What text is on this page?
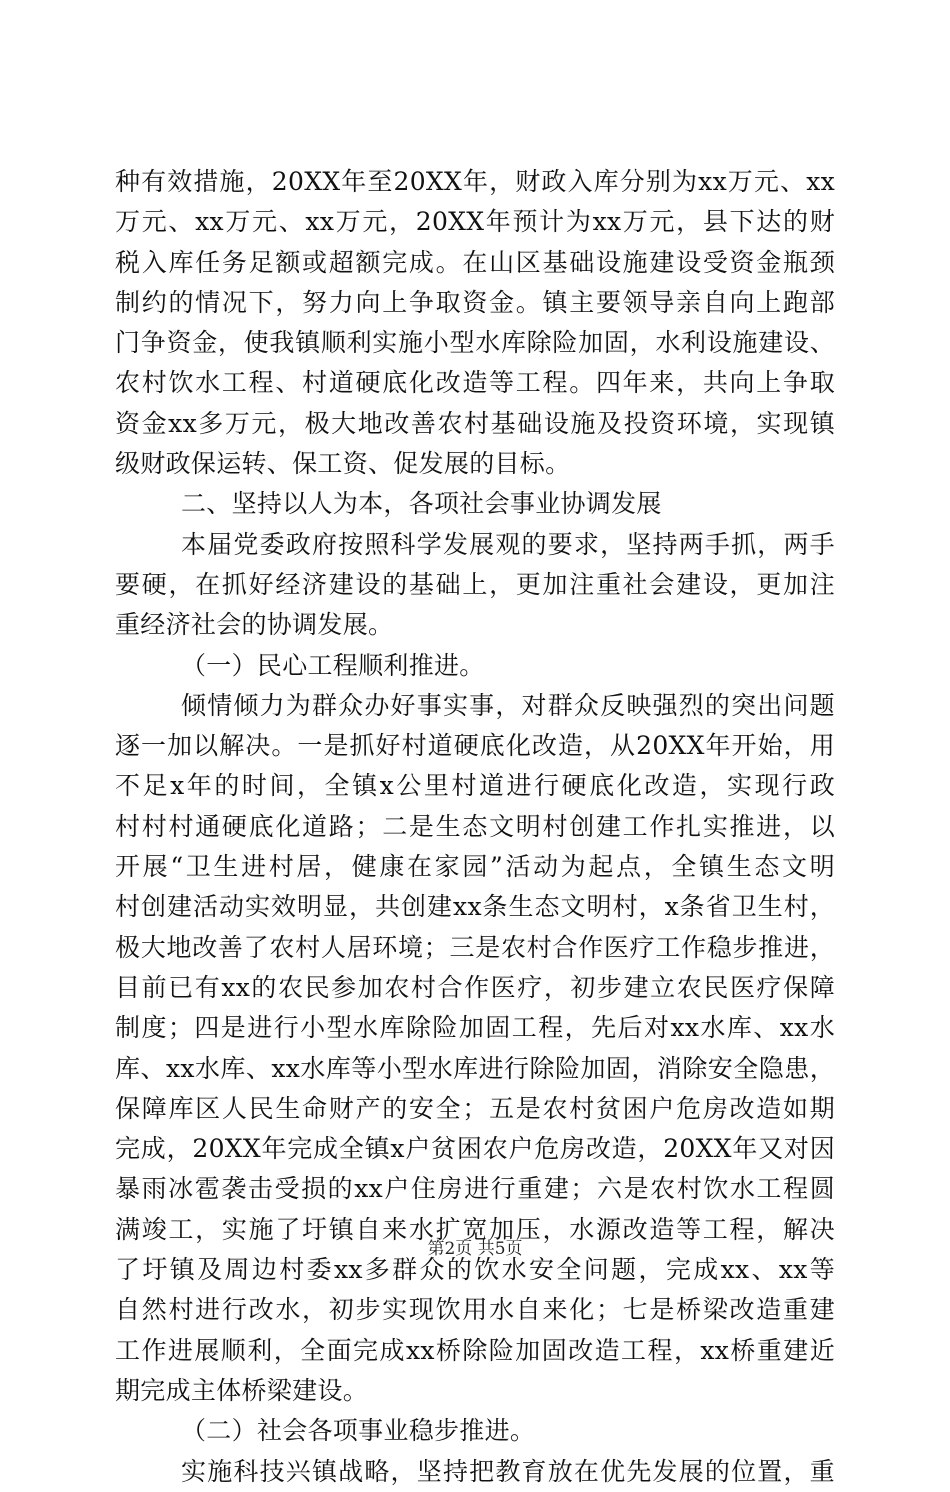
种有效措施，20XX年至20XX年，财政入库分别为xx万元、xx
万元、xx万元、xx万元，20XX年预计为xx万元，县下达的财
税入库任务足额或超额完成。在山区基础设施建设受资金瓶颈
制约的情况下，努力向上争取资金。镇主要领导亲自向上跑部
门争资金，使我镇顺利实施小型水库除险加固，水利设施建设、
农村饮水工程、村道硬底化改造等工程。四年来，共向上争取
资金xx多万元，极大地改善农村基础设施及投资环境，实现镇
级财政保运转、保工资、促发展的目标。
二、坚持以人为本，各项社会事业协调发展
本届党委政府按照科学发展观的要求，坚持两手抓，两手
要硬，在抓好经济建设的基础上，更加注重社会建设，更加注
重经济社会的协调发展。
（一）民心工程顺利推进。
倾情倾力为群众办好事实事，对群众反映强烈的突出问题
逐一加以解决。一是抓好村道硬底化改造，从20XX年开始，用
不足x年的时间，全镇x公里村道进行硬底化改造，实现行政
村村村通硬底化道路；二是生态文明村创建工作扎实推进，以
开展“卫生进村居，健康在家园”活动为起点，全镇生态文明
村创建活动实效明显，共创建xx条生态文明村，x条省卫生村，
极大地改善了农村人居环境；三是农村合作医疗工作稳步推进，
目前已有xx的农民参加农村合作医疗，初步建立农民医疗保障
制度；四是进行小型水库除险加固工程，先后对xx水库、xx水
库、xx水库、xx水库等小型水库进行除险加固，消除安全隐患，
保障库区人民生命财产的安全；五是农村贫困户危房改造如期
完成，20XX年完成全镇x户贫困农户危房改造，20XX年又对因
暴雨冰雹袭击受损的xx户住房进行重建；六是农村饮水工程圆
满竣工，实施了圩镇自来水扩宽加压，水源改造等工程，解决
了圩镇及周边村委xx多群众的饮水安全问题，完成xx、xx等
自然村进行改水，初步实现饮用水自来化；七是桥梁改造重建
工作进展顺利，全面完成xx桥除险加固改造工程，xx桥重建近
期完成主体桥梁建设。
（二）社会各项事业稳步推进。
实施科技兴镇战略，坚持把教育放在优先发展的位置，重
第2页 共5页
